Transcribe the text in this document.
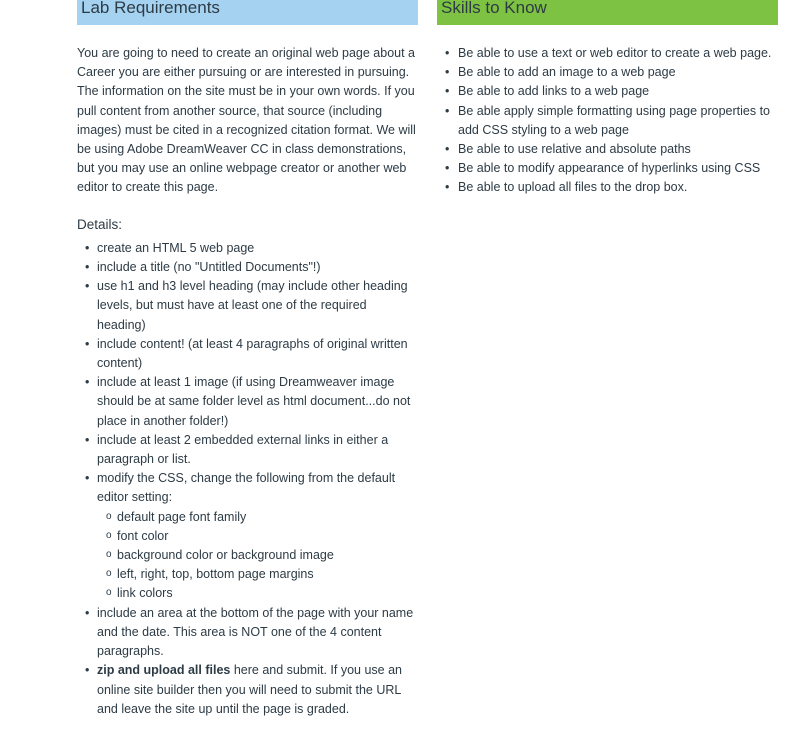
Lab Requirements

You are going to need to create an original web page about a Career you are either pursuing or are interested in pursuing. The information on the site must be in your own words. If you pull content from another source, that source (including images) must be cited in a recognized citation format. We will be using Adobe DreamWeaver CC in class demonstrations, but you may use an online webpage creator or another web editor to create this page.

Details:

• create an HTML 5 web page
• include a title (no "Untitled Documents"!)
• use h1 and h3 level heading (may include other heading levels, but must have at least one of the required heading)
• include content! (at least 4 paragraphs of original written content)
• include at least 1 image (if using Dreamweaver image should be at same folder level as html document...do not place in another folder!)
• include at least 2 embedded external links in either a paragraph or list.
• modify the CSS, change the following from the default editor setting:
o default page font family
o font color
o background color or background image
o left, right, top, bottom page margins
o link colors
• include an area at the bottom of the page with your name and the date. This area is NOT one of the 4 content paragraphs.
• zip and upload all files here and submit. If you use an online site builder then you will need to submit the URL and leave the site up until the page is graded.
Skills to Know
• Be able to use a text or web editor to create a web page.
• Be able to add an image to a web page
• Be able to add links to a web page
• Be able apply simple formatting using page properties to add CSS styling to a web page
• Be able to use relative and absolute paths
• Be able to modify appearance of hyperlinks using CSS
• Be able to upload all files to the drop box.
